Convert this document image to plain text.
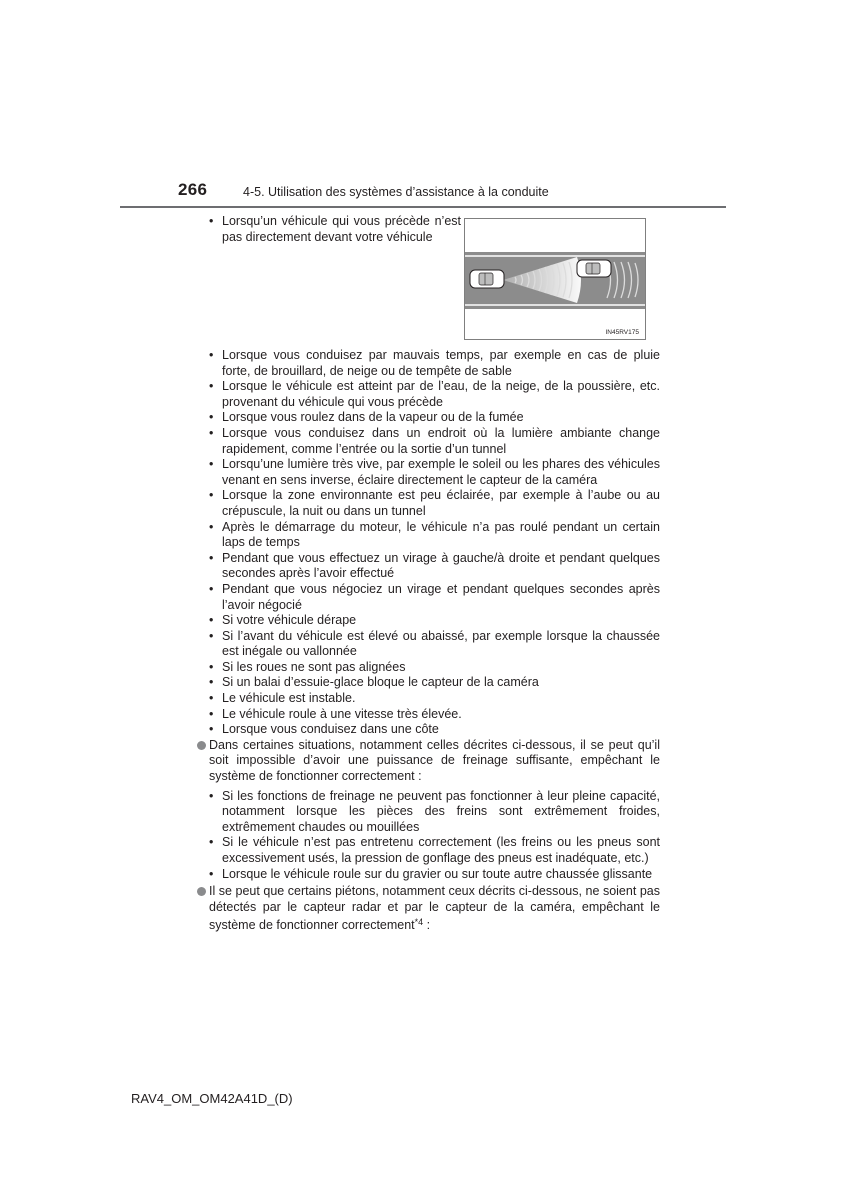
266	4-5. Utilisation des systèmes d’assistance à la conduite
• Lorsqu’un véhicule qui vous précède n’est pas directement devant votre véhicule
IN45RV175
• Lorsque vous conduisez par mauvais temps, par exemple en cas de pluie forte, de brouillard, de neige ou de tempête de sable
• Lorsque le véhicule est atteint par de l’eau, de la neige, de la poussière, etc. provenant du véhicule qui vous précède
• Lorsque vous roulez dans de la vapeur ou de la fumée
• Lorsque vous conduisez dans un endroit où la lumière ambiante change rapidement, comme l’entrée ou la sortie d’un tunnel
• Lorsqu’une lumière très vive, par exemple le soleil ou les phares des véhicules venant en sens inverse, éclaire directement le capteur de la caméra
• Lorsque la zone environnante est peu éclairée, par exemple à l’aube ou au crépuscule, la nuit ou dans un tunnel
• Après le démarrage du moteur, le véhicule n’a pas roulé pendant un certain laps de temps
• Pendant que vous effectuez un virage à gauche/à droite et pendant quelques secondes après l’avoir effectué
• Pendant que vous négociez un virage et pendant quelques secondes après l’avoir négocié
• Si votre véhicule dérape
• Si l’avant du véhicule est élevé ou abaissé, par exemple lorsque la chaussée est inégale ou vallonnée
• Si les roues ne sont pas alignées
• Si un balai d’essuie-glace bloque le capteur de la caméra
• Le véhicule est instable.
• Le véhicule roule à une vitesse très élevée.
• Lorsque vous conduisez dans une côte
Dans certaines situations, notamment celles décrites ci-dessous, il se peut qu’il soit impossible d’avoir une puissance de freinage suffisante, empêchant le système de fonctionner correctement :
• Si les fonctions de freinage ne peuvent pas fonctionner à leur pleine capacité, notamment lorsque les pièces des freins sont extrêmement froides, extrêmement chaudes ou mouillées
• Si le véhicule n’est pas entretenu correctement (les freins ou les pneus sont excessivement usés, la pression de gonflage des pneus est inadéquate, etc.)
• Lorsque le véhicule roule sur du gravier ou sur toute autre chaussée glissante
Il se peut que certains piétons, notamment ceux décrits ci-dessous, ne soient pas détectés par le capteur radar et par le capteur de la caméra, empêchant le système de fonctionner correctement$^{*4}$ :
RAV4_OM_OM42A41D_(D)
